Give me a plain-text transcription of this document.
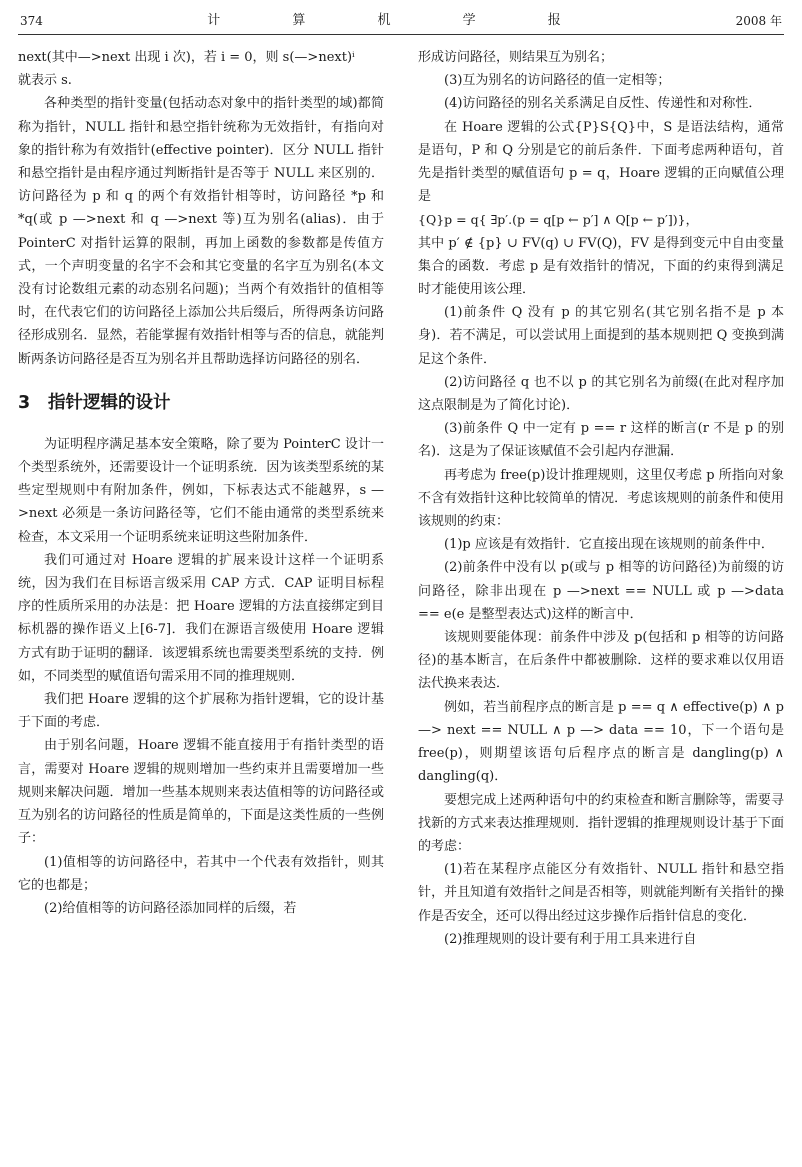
374	计 算 机 学 报	2008 年

next(其中—>next 出现 i 次)，若 i = 0，则 s(—>next)ⁱ

就表示 s.

各种类型的指针变量(包括动态对象中的指针类型的域)都简称为指针，NULL 指针和悬空指针统称为无效指针，有指向对象的指针称为有效指针(effective pointer)．区分 NULL 指针和悬空指针是由程序通过判断指针是否等于 NULL 来区别的．访问路径为 p 和 q 的两个有效指针相等时，访问路径 *p 和 *q(或 p —>next 和 q —>next 等)互为别名(alias)．由于 PointerC 对指针运算的限制，再加上函数的参数都是传值方式，一个声明变量的名字不会和其它变量的名字互为别名(本文没有讨论数组元素的动态别名问题)；当两个有效指针的值相等时，在代表它们的访问路径上添加公共后缀后，所得两条访问路径形成别名．显然，若能掌握有效指针相等与否的信息，就能判断两条访问路径是否互为别名并且帮助选择访问路径的别名．

3 指针逻辑的设计

为证明程序满足基本安全策略，除了要为 PointerC 设计一个类型系统外，还需要设计一个证明系统．因为该类型系统的某些定型规则中有附加条件，例如，下标表达式不能越界，s —>next 必须是一条访问路径等，它们不能由通常的类型系统来检查，本文采用一个证明系统来证明这些附加条件．

我们可通过对 Hoare 逻辑的扩展来设计这样一个证明系统，因为我们在目标语言级采用 CAP 方式．CAP 证明目标程序的性质所采用的办法是：把 Hoare 逻辑的方法直接绑定到目标机器的操作语义上[6-7]．我们在源语言级使用 Hoare 逻辑方式有助于证明的翻译．该逻辑系统也需要类型系统的支持．例如，不同类型的赋值语句需采用不同的推理规则．

我们把 Hoare 逻辑的这个扩展称为指针逻辑，它的设计基于下面的考虑．

由于别名问题，Hoare 逻辑不能直接用于有指针类型的语言，需要对 Hoare 逻辑的规则增加一些约束并且需要增加一些规则来解决问题．增加一些基本规则来表达值相等的访问路径或互为别名的访问路径的性质是简单的，下面是这类性质的一些例子：

(1)值相等的访问路径中，若其中一个代表有效指针，则其它的也都是；

(2)给值相等的访问路径添加同样的后缀，若

形成访问路径，则结果互为别名；

(3)互为别名的访问路径的值一定相等；

(4)访问路径的别名关系满足自反性、传递性和对称性．

在 Hoare 逻辑的公式{P}S{Q}中，S 是语法结构，通常是语句，P 和 Q 分别是它的前后条件．下面考虑两种语句，首先是指针类型的赋值语句 p = q，Hoare 逻辑的正向赋值公理是

{Q}p = q{ ∃p′.(p = q[p ← p′] ∧ Q[p ← p′])}，

其中 p′ ∉ {p} ∪ FV(q) ∪ FV(Q)，FV 是得到变元中自由变量集合的函数．考虑 p 是有效指针的情况，下面的约束得到满足时才能使用该公理．

(1)前条件 Q 没有 p 的其它别名(其它别名指不是 p 本身)．若不满足，可以尝试用上面提到的基本规则把 Q 变换到满足这个条件．

(2)访问路径 q 也不以 p 的其它别名为前缀(在此对程序加这点限制是为了简化讨论)．

(3)前条件 Q 中一定有 p == r 这样的断言(r 不是 p 的别名)．这是为了保证该赋值不会引起内存泄漏．

再考虑为 free(p)设计推理规则，这里仅考虑 p 所指向对象不含有效指针这种比较简单的情况．考虑该规则的前条件和使用该规则的约束：

(1)p 应该是有效指针．它直接出现在该规则的前条件中．

(2)前条件中没有以 p(或与 p 相等的访问路径)为前缀的访问路径，除非出现在 p —>next == NULL 或 p —>data == e(e 是整型表达式)这样的断言中．

该规则要能体现：前条件中涉及 p(包括和 p 相等的访问路径)的基本断言，在后条件中都被删除．这样的要求难以仅用语法代换来表达．

例如，若当前程序点的断言是 p == q ∧ effective(p) ∧ p —> next == NULL ∧ p —> data == 10，下一个语句是 free(p)，则期望该语句后程序点的断言是 dangling(p) ∧ dangling(q)．

要想完成上述两种语句中的约束检查和断言删除等，需要寻找新的方式来表达推理规则．指针逻辑的推理规则设计基于下面的考虑：

(1)若在某程序点能区分有效指针、NULL 指针和悬空指针，并且知道有效指针之间是否相等，则就能判断有关指针的操作是否安全，还可以得出经过这步操作后指针信息的变化．

(2)推理规则的设计要有利于用工具来进行自
